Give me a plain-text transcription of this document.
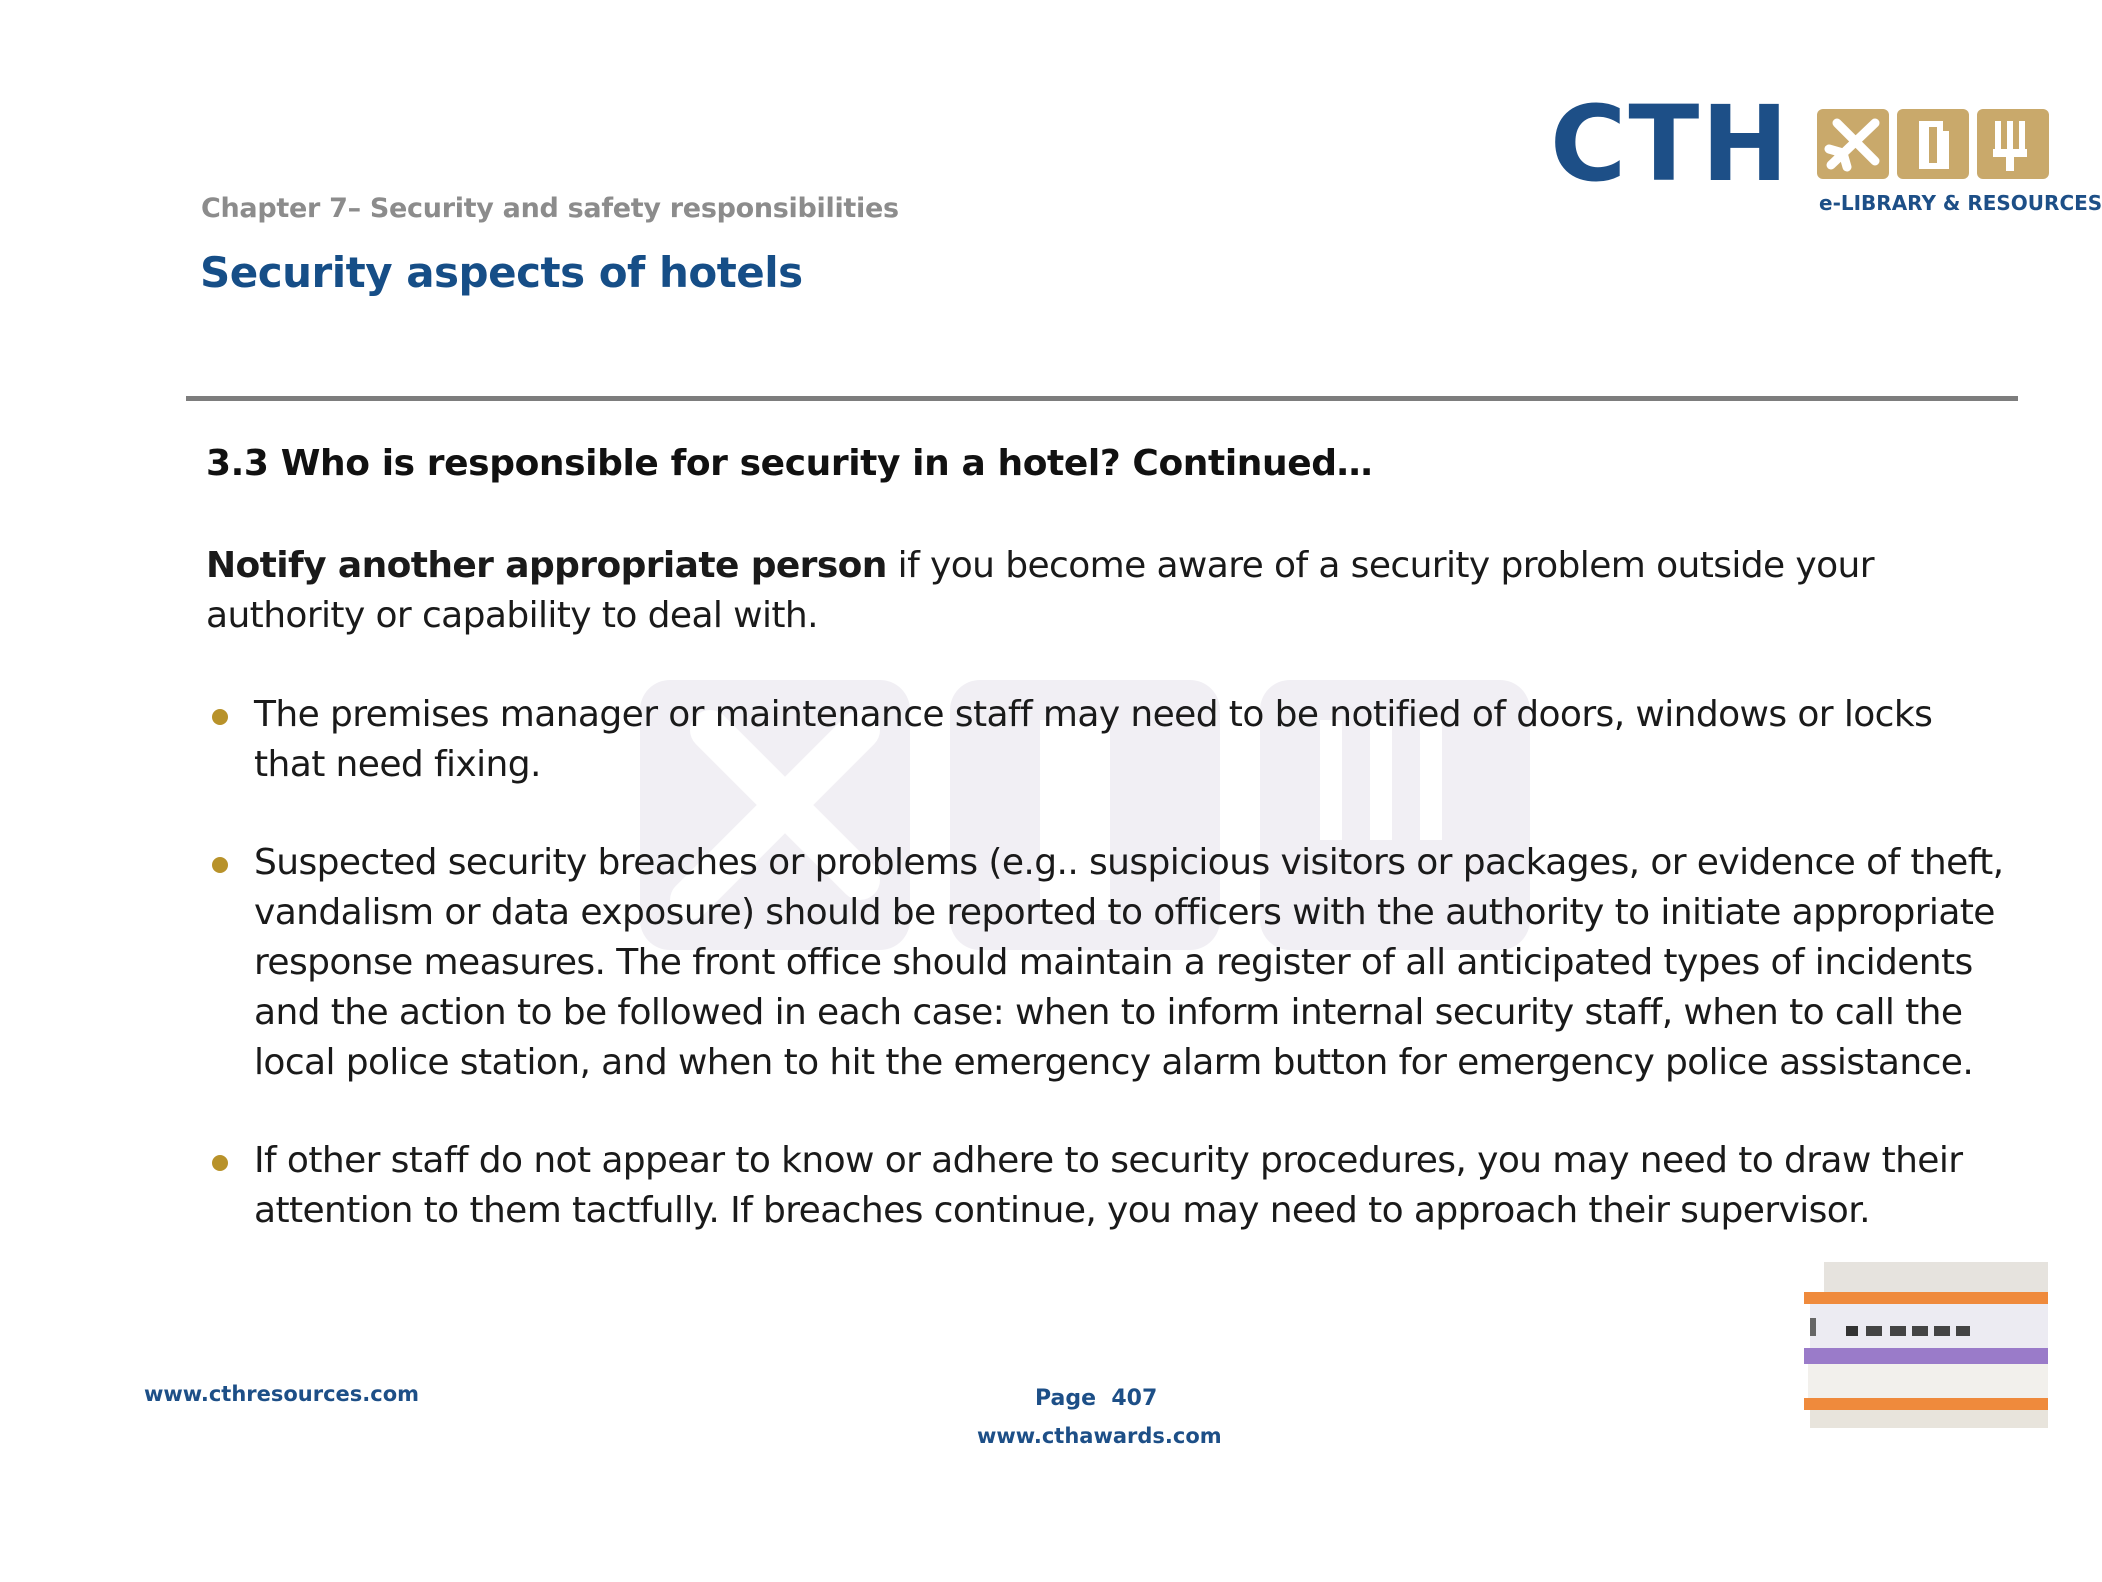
CTH e-LIBRARY & RESOURCES
Chapter 7– Security and safety responsibilities
Security aspects of hotels
3.3 Who is responsible for security in a hotel? Continued…
Notify another appropriate person if you become aware of a security problem outside your authority or capability to deal with.
The premises manager or maintenance staff may need to be notified of doors, windows or locks that need fixing.
Suspected security breaches or problems (e.g.. suspicious visitors or packages, or evidence of theft, vandalism or data exposure) should be reported to officers with the authority to initiate appropriate response measures. The front office should maintain a register of all anticipated types of incidents and the action to be followed in each case: when to inform internal security staff, when to call the local police station, and when to hit the emergency alarm button for emergency police assistance.
If other staff do not appear to know or adhere to security procedures, you may need to draw their attention to them tactfully. If breaches continue, you may need to approach their supervisor.
www.cthresources.com	Page  407
www.cthawards.com
